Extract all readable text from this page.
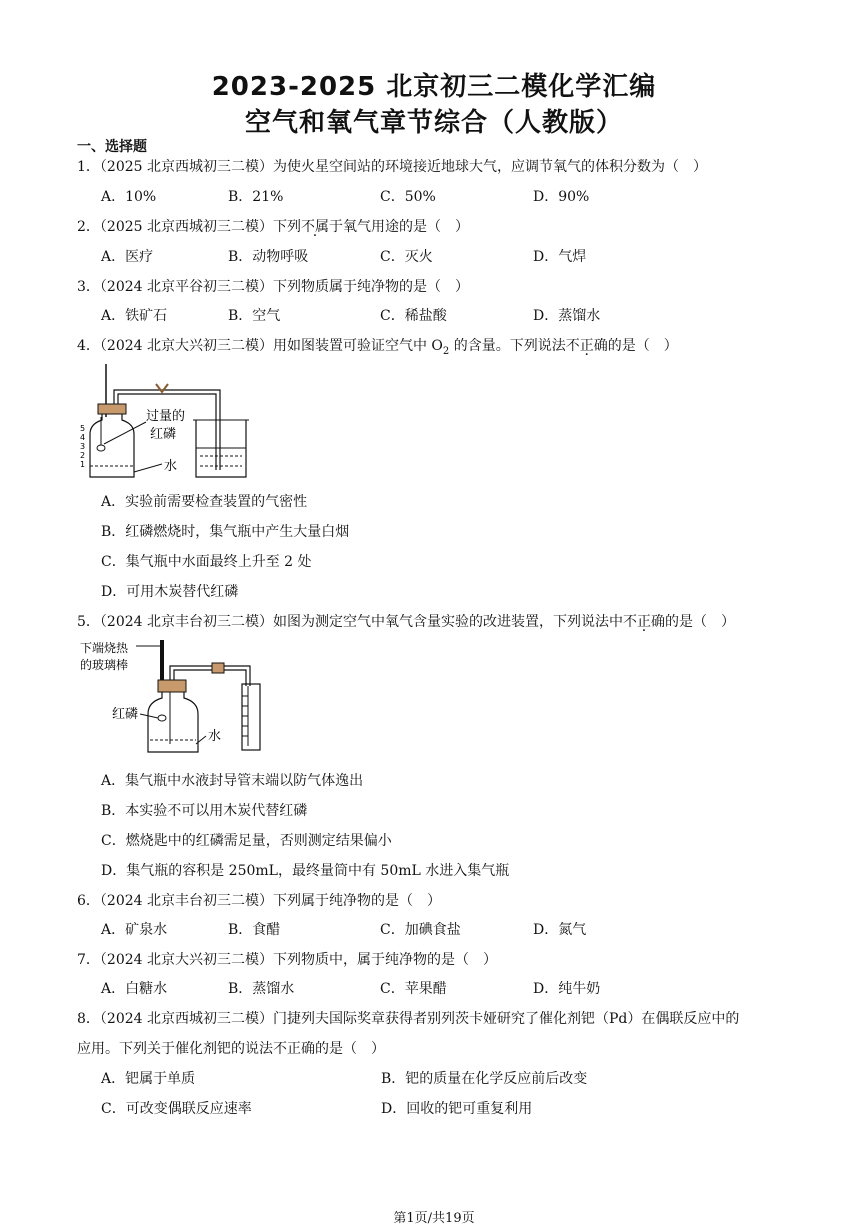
2023-2025 北京初三二模化学汇编
空气和氧气章节综合（人教版）
一、选择题
1．（2025 北京西城初三二模）为使火星空间站的环境接近地球大气，应调节氧气的体积分数为（　）
A．10%	B．21%	C．50%	D．90%
2．（2025 北京西城初三二模）下列不属于氧气用途的是（　）
A．医疗	B．动物呼吸	C．灭火	D．气焊
3．（2024 北京平谷初三二模）下列物质属于纯净物的是（　）
A．铁矿石	B．空气	C．稀盐酸	D．蒸馏水
4．（2024 北京大兴初三二模）用如图装置可验证空气中 $O_2$ 的含量。下列说法不正确的是（　）
5
4
3
2
1
过量的
红磷
水
A．实验前需要检查装置的气密性
B．红磷燃烧时，集气瓶中产生大量白烟
C．集气瓶中水面最终上升至 2 处
D．可用木炭替代红磷
5．（2024 北京丰台初三二模）如图为测定空气中氧气含量实验的改进装置，下列说法中不正确的是（　）
下端烧热
的玻璃棒
红磷
水
A．集气瓶中水液封导管末端以防气体逸出
B．本实验不可以用木炭代替红磷
C．燃烧匙中的红磷需足量，否则测定结果偏小
D．集气瓶的容积是 250mL，最终量筒中有 50mL 水进入集气瓶
6．（2024 北京丰台初三二模）下列属于纯净物的是（　）
A．矿泉水	B．食醋	C．加碘食盐	D．氮气
7．（2024 北京大兴初三二模）下列物质中，属于纯净物的是（　）
A．白糖水	B．蒸馏水	C．苹果醋	D．纯牛奶
8．（2024 北京西城初三二模）门捷列夫国际奖章获得者别列茨卡娅研究了催化剂钯（Pd）在偶联反应中的
应用。下列关于催化剂钯的说法不正确的是（　）
A．钯属于单质	B．钯的质量在化学反应前后改变
C．可改变偶联反应速率	D．回收的钯可重复利用
第1页/共19页
